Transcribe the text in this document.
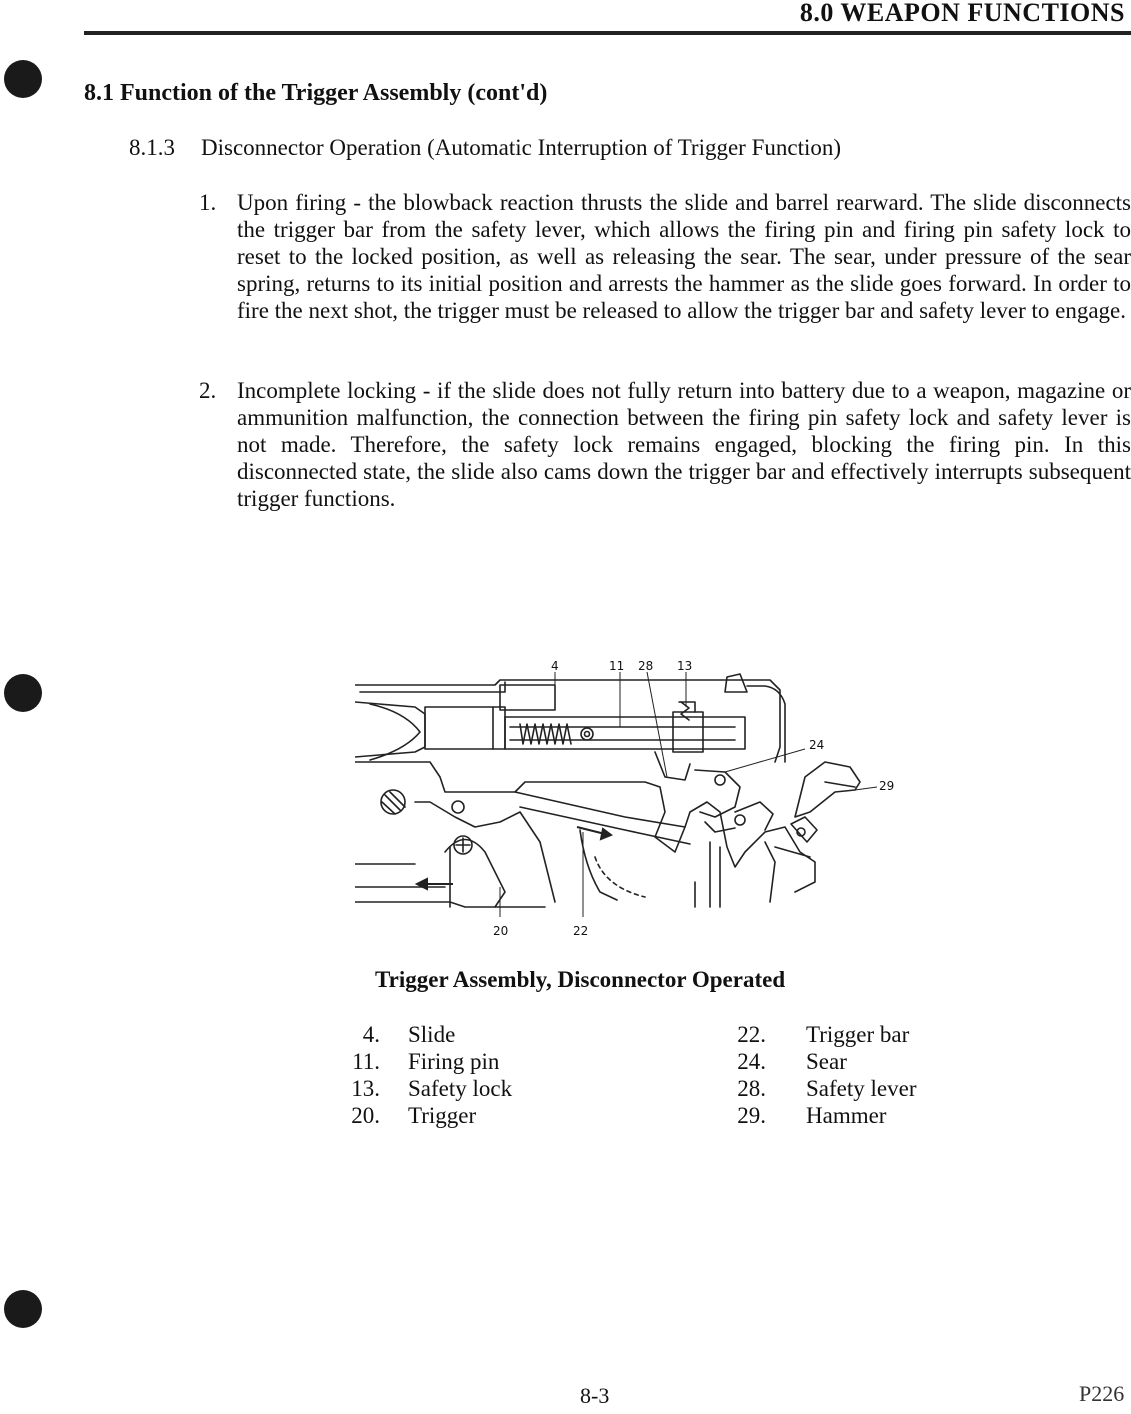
8.0 WEAPON FUNCTIONS
8.1 Function of the Trigger Assembly (cont'd)
8.1.3 Disconnector Operation (Automatic Interruption of Trigger Function)
1. Upon firing - the blowback reaction thrusts the slide and barrel rearward. The slide disconnects the trigger bar from the safety lever, which allows the firing pin and firing pin safety lock to reset to the locked position, as well as releasing the sear. The sear, under pressure of the sear spring, returns to its initial position and arrests the hammer as the slide goes forward. In order to fire the next shot, the trigger must be released to allow the trigger bar and safety lever to engage.
2. Incomplete locking - if the slide does not fully return into battery due to a weapon, magazine or ammunition malfunction, the connection between the firing pin safety lock and safety lever is not made. Therefore, the safety lock remains engaged, blocking the firing pin. In this disconnected state, the slide also cams down the trigger bar and effectively interrupts subsequent trigger functions.
4	11 28 13
24
29
20	22
Trigger Assembly, Disconnector Operated
4. Slide
11. Firing pin
13. Safety lock
20. Trigger
22. Trigger bar
24. Sear
28. Safety lever
29. Hammer
8-3	P226
